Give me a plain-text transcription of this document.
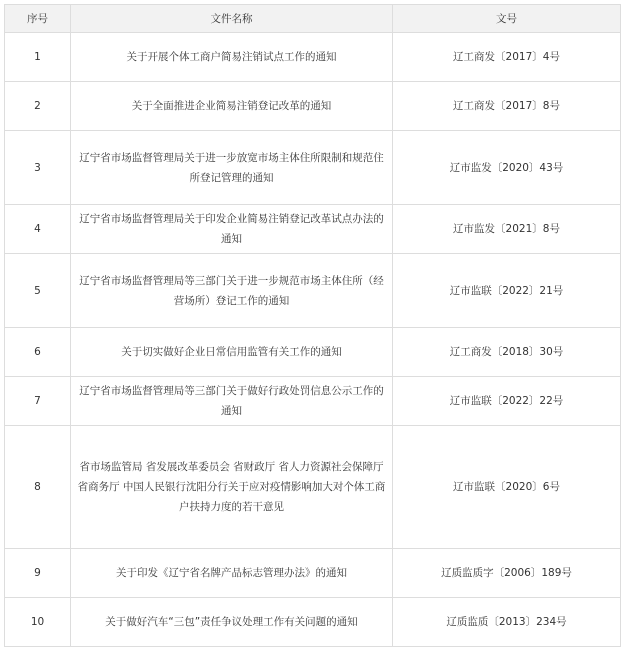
序号	文件名称	文号
1	关于开展个体工商户简易注销试点工作的通知	辽工商发〔2017〕4号
2	关于全面推进企业简易注销登记改革的通知	辽工商发〔2017〕8号
3	辽宁省市场监督管理局关于进一步放宽市场主体住所限制和规范住所登记管理的通知	辽市监发〔2020〕43号
4	辽宁省市场监督管理局关于印发企业简易注销登记改革试点办法的通知	辽市监发〔2021〕8号
5	辽宁省市场监督管理局等三部门关于进一步规范市场主体住所（经营场所）登记工作的通知	辽市监联〔2022〕21号
6	关于切实做好企业日常信用监管有关工作的通知	辽工商发〔2018〕30号
7	辽宁省市场监督管理局等三部门关于做好行政处罚信息公示工作的通知	辽市监联〔2022〕22号
8	省市场监管局 省发展改革委员会 省财政厅 省人力资源社会保障厅 省商务厅 中国人民银行沈阳分行关于应对疫情影响加大对个体工商户扶持力度的若干意见	辽市监联〔2020〕6号
9	关于印发《辽宁省名牌产品标志管理办法》的通知	辽质监质字〔2006〕189号
10	关于做好汽车“三包”责任争议处理工作有关问题的通知	辽质监质〔2013〕234号
